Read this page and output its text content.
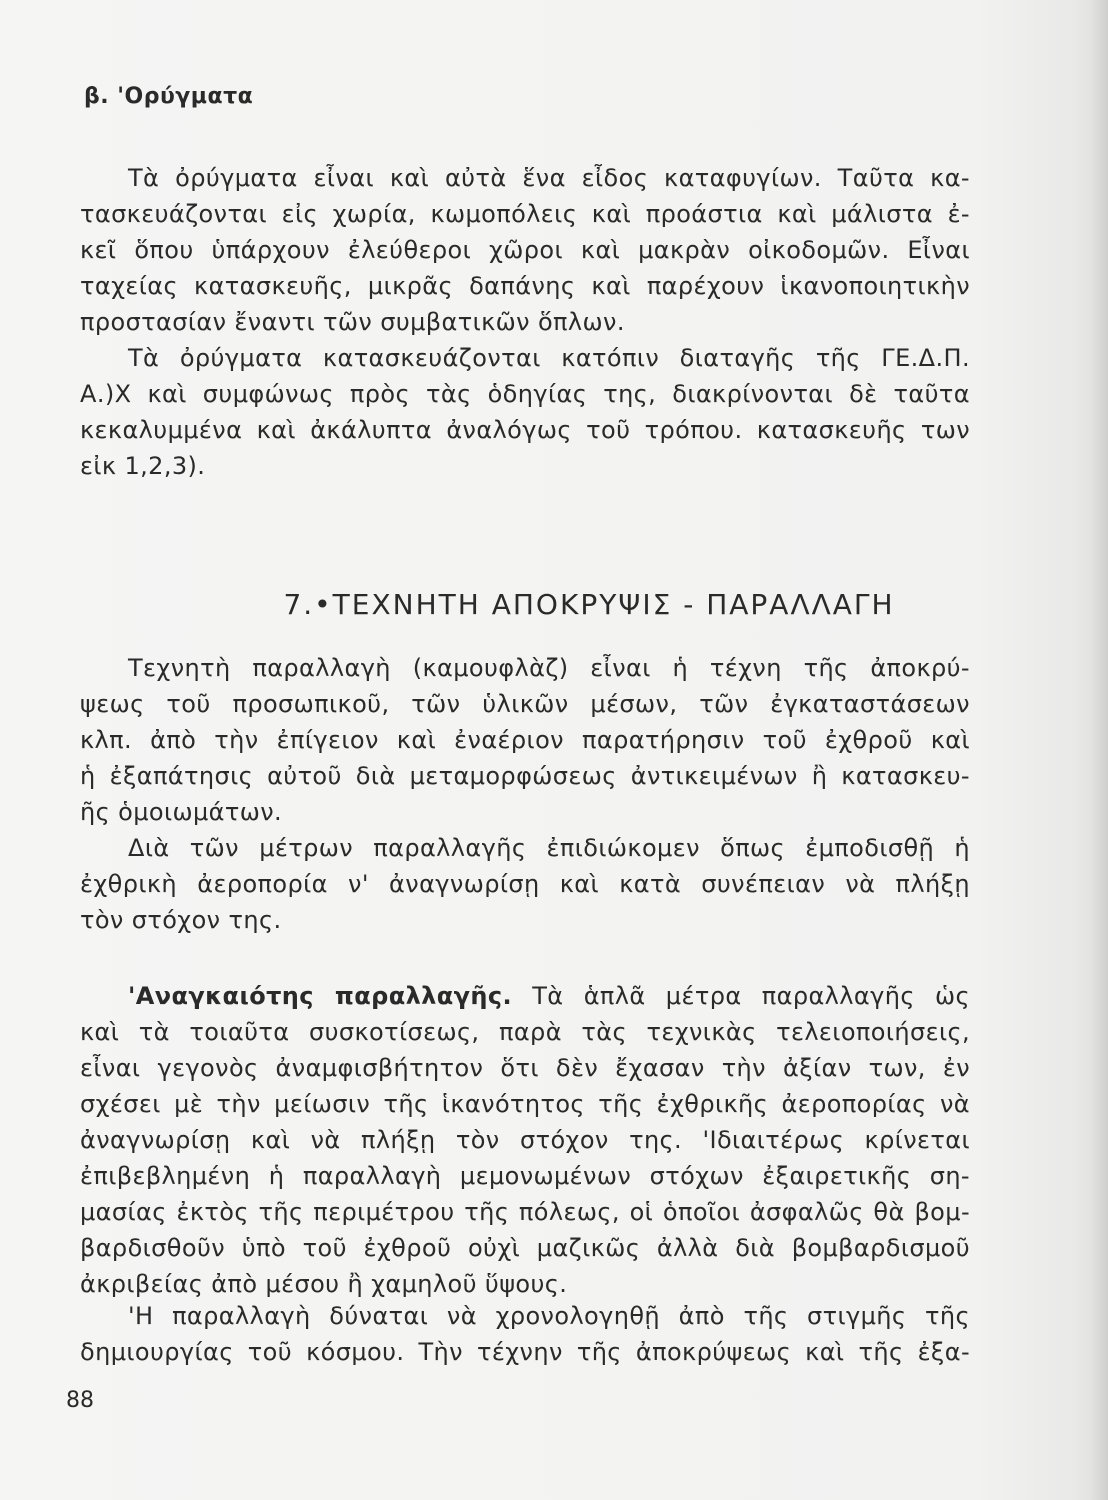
β. 'Ορύγματα
Τὰ ὀρύγματα εἶναι καὶ αὐτὰ ἕνα εἶδος καταφυγίων. Ταῦτα κα-
τασκευάζονται εἰς χωρία, κωμοπόλεις καὶ προάστια καὶ μάλιστα ἐ-
κεῖ ὅπου ὑπάρχουν ἐλεύθεροι χῶροι καὶ μακρὰν οἰκοδομῶν. Εἶναι
ταχείας κατασκευῆς, μικρᾶς δαπάνης καὶ παρέχουν ἱκανοποιητικὴν
προστασίαν ἔναντι τῶν συμβατικῶν ὅπλων.
Τὰ ὀρύγματα κατασκευάζονται κατόπιν διαταγῆς τῆς ΓΕ.Δ.Π.
Α.)Χ καὶ συμφώνως πρὸς τὰς ὁδηγίας της, διακρίνονται δὲ ταῦτα
κεκαλυμμένα καὶ ἀκάλυπτα ἀναλόγως τοῦ τρόπου. κατασκευῆς των
εἰκ 1,2,3).
7.•ΤΕΧΝΗΤΗ ΑΠΟΚΡΥΨΙΣ - ΠΑΡΑΛΛΑΓΗ
Τεχνητὴ παραλλαγὴ (καμουφλὰζ) εἶναι ἡ τέχνη τῆς ἀποκρύ-
ψεως τοῦ προσωπικοῦ, τῶν ὑλικῶν μέσων, τῶν ἐγκαταστάσεων
κλπ. ἀπὸ τὴν ἐπίγειον καὶ ἐναέριον παρατήρησιν τοῦ ἐχθροῦ καὶ
ἡ ἐξαπάτησις αὐτοῦ διὰ μεταμορφώσεως ἀντικειμένων ἢ κατασκευ-
ῆς ὁμοιωμάτων.
Διὰ τῶν μέτρων παραλλαγῆς ἐπιδιώκομεν ὅπως ἐμποδισθῇ ἡ
ἐχθρικὴ ἀεροπορία ν' ἀναγνωρίσῃ καὶ κατὰ συνέπειαν νὰ πλήξῃ
τὸν στόχον της.
'Αναγκαιότης παραλλαγῆς. Τὰ ἁπλᾶ μέτρα παραλλαγῆς ὡς
καὶ τὰ τοιαῦτα συσκοτίσεως, παρὰ τὰς τεχνικὰς τελειοποιήσεις,
εἶναι γεγονὸς ἀναμφισβήτητον ὅτι δὲν ἔχασαν τὴν ἀξίαν των, ἐν
σχέσει μὲ τὴν μείωσιν τῆς ἱκανότητος τῆς ἐχθρικῆς ἀεροπορίας νὰ
ἀναγνωρίσῃ καὶ νὰ πλήξῃ τὸν στόχον της. 'Ιδιαιτέρως κρίνεται
ἐπιβεβλημένη ἡ παραλλαγὴ μεμονωμένων στόχων ἐξαιρετικῆς ση-
μασίας ἐκτὸς τῆς περιμέτρου τῆς πόλεως, οἱ ὁποῖοι ἀσφαλῶς θὰ βομ-
βαρδισθοῦν ὑπὸ τοῦ ἐχθροῦ οὐχὶ μαζικῶς ἀλλὰ διὰ βομβαρδισμοῦ
ἀκριβείας ἀπὸ μέσου ἢ χαμηλοῦ ὕψους.
'Η παραλλαγὴ δύναται νὰ χρονολογηθῇ ἀπὸ τῆς στιγμῆς τῆς
δημιουργίας τοῦ κόσμου. Τὴν τέχνην τῆς ἀποκρύψεως καὶ τῆς ἐξα-
88
